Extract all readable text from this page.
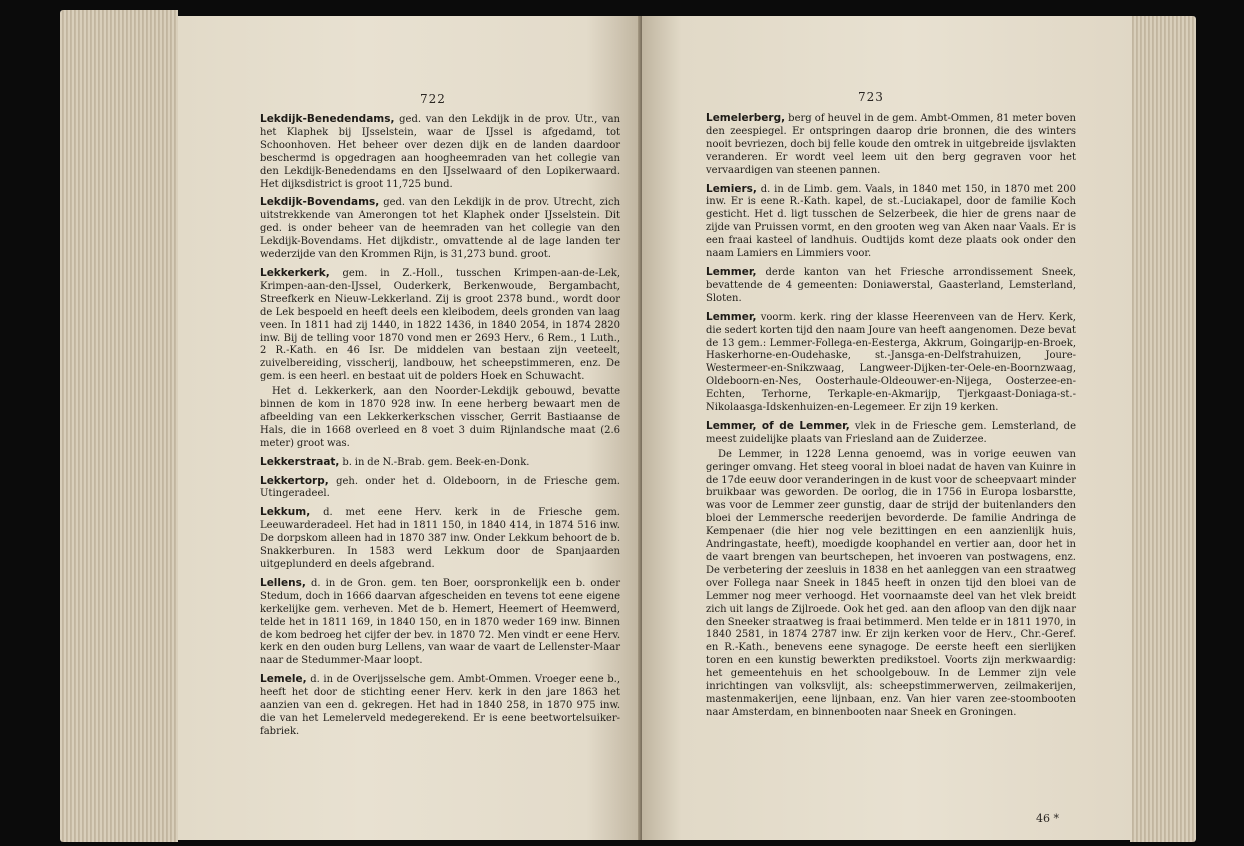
722

Lekdijk-Benedendams, ged. van den Lekdijk in de prov. Utr., van het Klaphek bij IJsselstein, waar de IJssel is afgedamd, tot Schoonhoven. Het beheer over dezen dijk en de landen daardoor beschermd is opgedragen aan hoogheemraden van het collegie van den Lekdijk-Benedendams en den IJsselwaard of den Lopikerwaard. Het dijksdistrict is groot 11,725 bund.

Lekdijk-Bovendams, ged. van den Lekdijk in de prov. Utrecht, zich uitstrekkende van Amerongen tot het Klaphek onder IJsselstein. Dit ged. is onder beheer van de heemraden van het collegie van den Lekdijk-Bovendams. Het dijkdistr., omvattende al de lage landen ter wederzijde van den Krommen Rijn, is 31,273 bund. groot.

Lekkerkerk, gem. in Z.-Holl., tusschen Krimpen-aan-de-Lek, Krimpen-aan-den-IJssel, Ouderkerk, Berkenwoude, Bergambacht, Streefkerk en Nieuw-Lekkerland. Zij is groot 2378 bund., wordt door de Lek bespoeld en heeft deels een kleibodem, deels gronden van laag veen. In 1811 had zij 1440, in 1822 1436, in 1840 2054, in 1874 2820 inw. Bij de telling voor 1870 vond men er 2693 Herv., 6 Rem., 1 Luth., 2 R.-Kath. en 46 Isr. De middelen van bestaan zijn veeteelt, zuivelbereiding, visscherij, landbouw, het scheepstimmeren, enz. De gem. is een heerl. en bestaat uit de polders Hoek en Schuwacht.

Het d. Lekkerkerk, aan den Noorder-Lekdijk gebouwd, bevatte binnen de kom in 1870 928 inw. In eene herberg bewaart men de afbeelding van een Lekkerkerkschen visscher, Gerrit Bastiaanse de Hals, die in 1668 overleed en 8 voet 3 duim Rijnlandsche maat (2.6 meter) groot was.

Lekkerstraat, b. in de N.-Brab. gem. Beek-en-Donk.

Lekkertorp, geh. onder het d. Oldeboorn, in de Friesche gem. Utingeradeel.

Lekkum, d. met eene Herv. kerk in de Friesche gem. Leeuwarderadeel. Het had in 1811 150, in 1840 414, in 1874 516 inw. De dorpskom alleen had in 1870 387 inw. Onder Lekkum behoort de b. Snakkerburen. In 1583 werd Lekkum door de Spanjaarden uitgeplunderd en deels afgebrand.

Lellens, d. in de Gron. gem. ten Boer, oorspronkelijk een b. onder Stedum, doch in 1666 daarvan afgescheiden en tevens tot eene eigene kerkelijke gem. verheven. Met de b. Hemert, Heemert of Heemwerd, telde het in 1811 169, in 1840 150, en in 1870 weder 169 inw. Binnen de kom bedroeg het cijfer der bev. in 1870 72. Men vindt er eene Herv. kerk en den ouden burg Lellens, van waar de vaart de Lellenster-Maar naar de Stedummer-Maar loopt.

Lemele, d. in de Overijsselsche gem. Ambt-Ommen. Vroeger eene b., heeft het door de stichting eener Herv. kerk in den jare 1863 het aanzien van een d. gekregen. Het had in 1840 258, in 1870 975 inw. die van het Lemelerveld medegerekend. Er is eene beetwortelsuiker-fabriek.

723

Lemelerberg, berg of heuvel in de gem. Ambt-Ommen, 81 meter boven den zeespiegel. Er ontspringen daarop drie bronnen, die des winters nooit bevriezen, doch bij felle koude den omtrek in uitgebreide ijsvlakten veranderen. Er wordt veel leem uit den berg gegraven voor het vervaardigen van steenen pannen.

Lemiers, d. in de Limb. gem. Vaals, in 1840 met 150, in 1870 met 200 inw. Er is eene R.-Kath. kapel, de st.-Luciakapel, door de familie Koch gesticht. Het d. ligt tusschen de Selzerbeek, die hier de grens naar de zijde van Pruissen vormt, en den grooten weg van Aken naar Vaals. Er is een fraai kasteel of landhuis. Oudtijds komt deze plaats ook onder den naam Lamiers en Limmiers voor.

Lemmer, derde kanton van het Friesche arrondissement Sneek, bevattende de 4 gemeenten: Doniawerstal, Gaasterland, Lemsterland, Sloten.

Lemmer, voorm. kerk. ring der klasse Heerenveen van de Herv. Kerk, die sedert korten tijd den naam Joure van heeft aangenomen. Deze bevat de 13 gem.: Lemmer-Follega-en-Eesterga, Akkrum, Goingarijp-en-Broek, Haskerhorne-en-Oudehaske, st.-Jansga-en-Delfstrahuizen, Joure-Westermeer-en-Snikzwaag, Langweer-Dijken-ter-Oele-en-Boornzwaag, Oldeboorn-en-Nes, Oosterhaule-Oldeouwer-en-Nijega, Oosterzee-en-Echten, Terhorne, Terkaple-en-Akmarijp, Tjerkgaast-Doniaga-st.-Nikolaasga-Idskenhuizen-en-Legemeer. Er zijn 19 kerken.

Lemmer, of de Lemmer, vlek in de Friesche gem. Lemsterland, de meest zuidelijke plaats van Friesland aan de Zuiderzee.

De Lemmer, in 1228 Lenna genoemd, was in vorige eeuwen van geringer omvang. Het steeg vooral in bloei nadat de haven van Kuinre in de 17de eeuw door veranderingen in de kust voor de scheepvaart minder bruikbaar was geworden. De oorlog, die in 1756 in Europa losbarstte, was voor de Lemmer zeer gunstig, daar de strijd der buitenlanders den bloei der Lemmersche reederijen bevorderde. De familie Andringa de Kempenaer (die hier nog vele bezittingen en een aanzienlijk huis, Andringastate, heeft), moedigde koophandel en vertier aan, door het in de vaart brengen van beurtschepen, het invoeren van postwagens, enz. De verbetering der zeesluis in 1838 en het aanleggen van een straatweg over Follega naar Sneek in 1845 heeft in onzen tijd den bloei van de Lemmer nog meer verhoogd. Het voornaamste deel van het vlek breidt zich uit langs de Zijlroede. Ook het ged. aan den afloop van den dijk naar den Sneeker straatweg is fraai betimmerd. Men telde er in 1811 1970, in 1840 2581, in 1874 2787 inw. Er zijn kerken voor de Herv., Chr.-Geref. en R.-Kath., benevens eene synagoge. De eerste heeft een sierlijken toren en een kunstig bewerkten predikstoel. Voorts zijn merkwaardig: het gemeentehuis en het schoolgebouw. In de Lemmer zijn vele inrichtingen van volksvlijt, als: scheepstimmerwerven, zeilmakerijen, mastenmakerijen, eene lijnbaan, enz. Van hier varen zee-stoombooten naar Amsterdam, en binnenbooten naar Sneek en Groningen.

46 *
